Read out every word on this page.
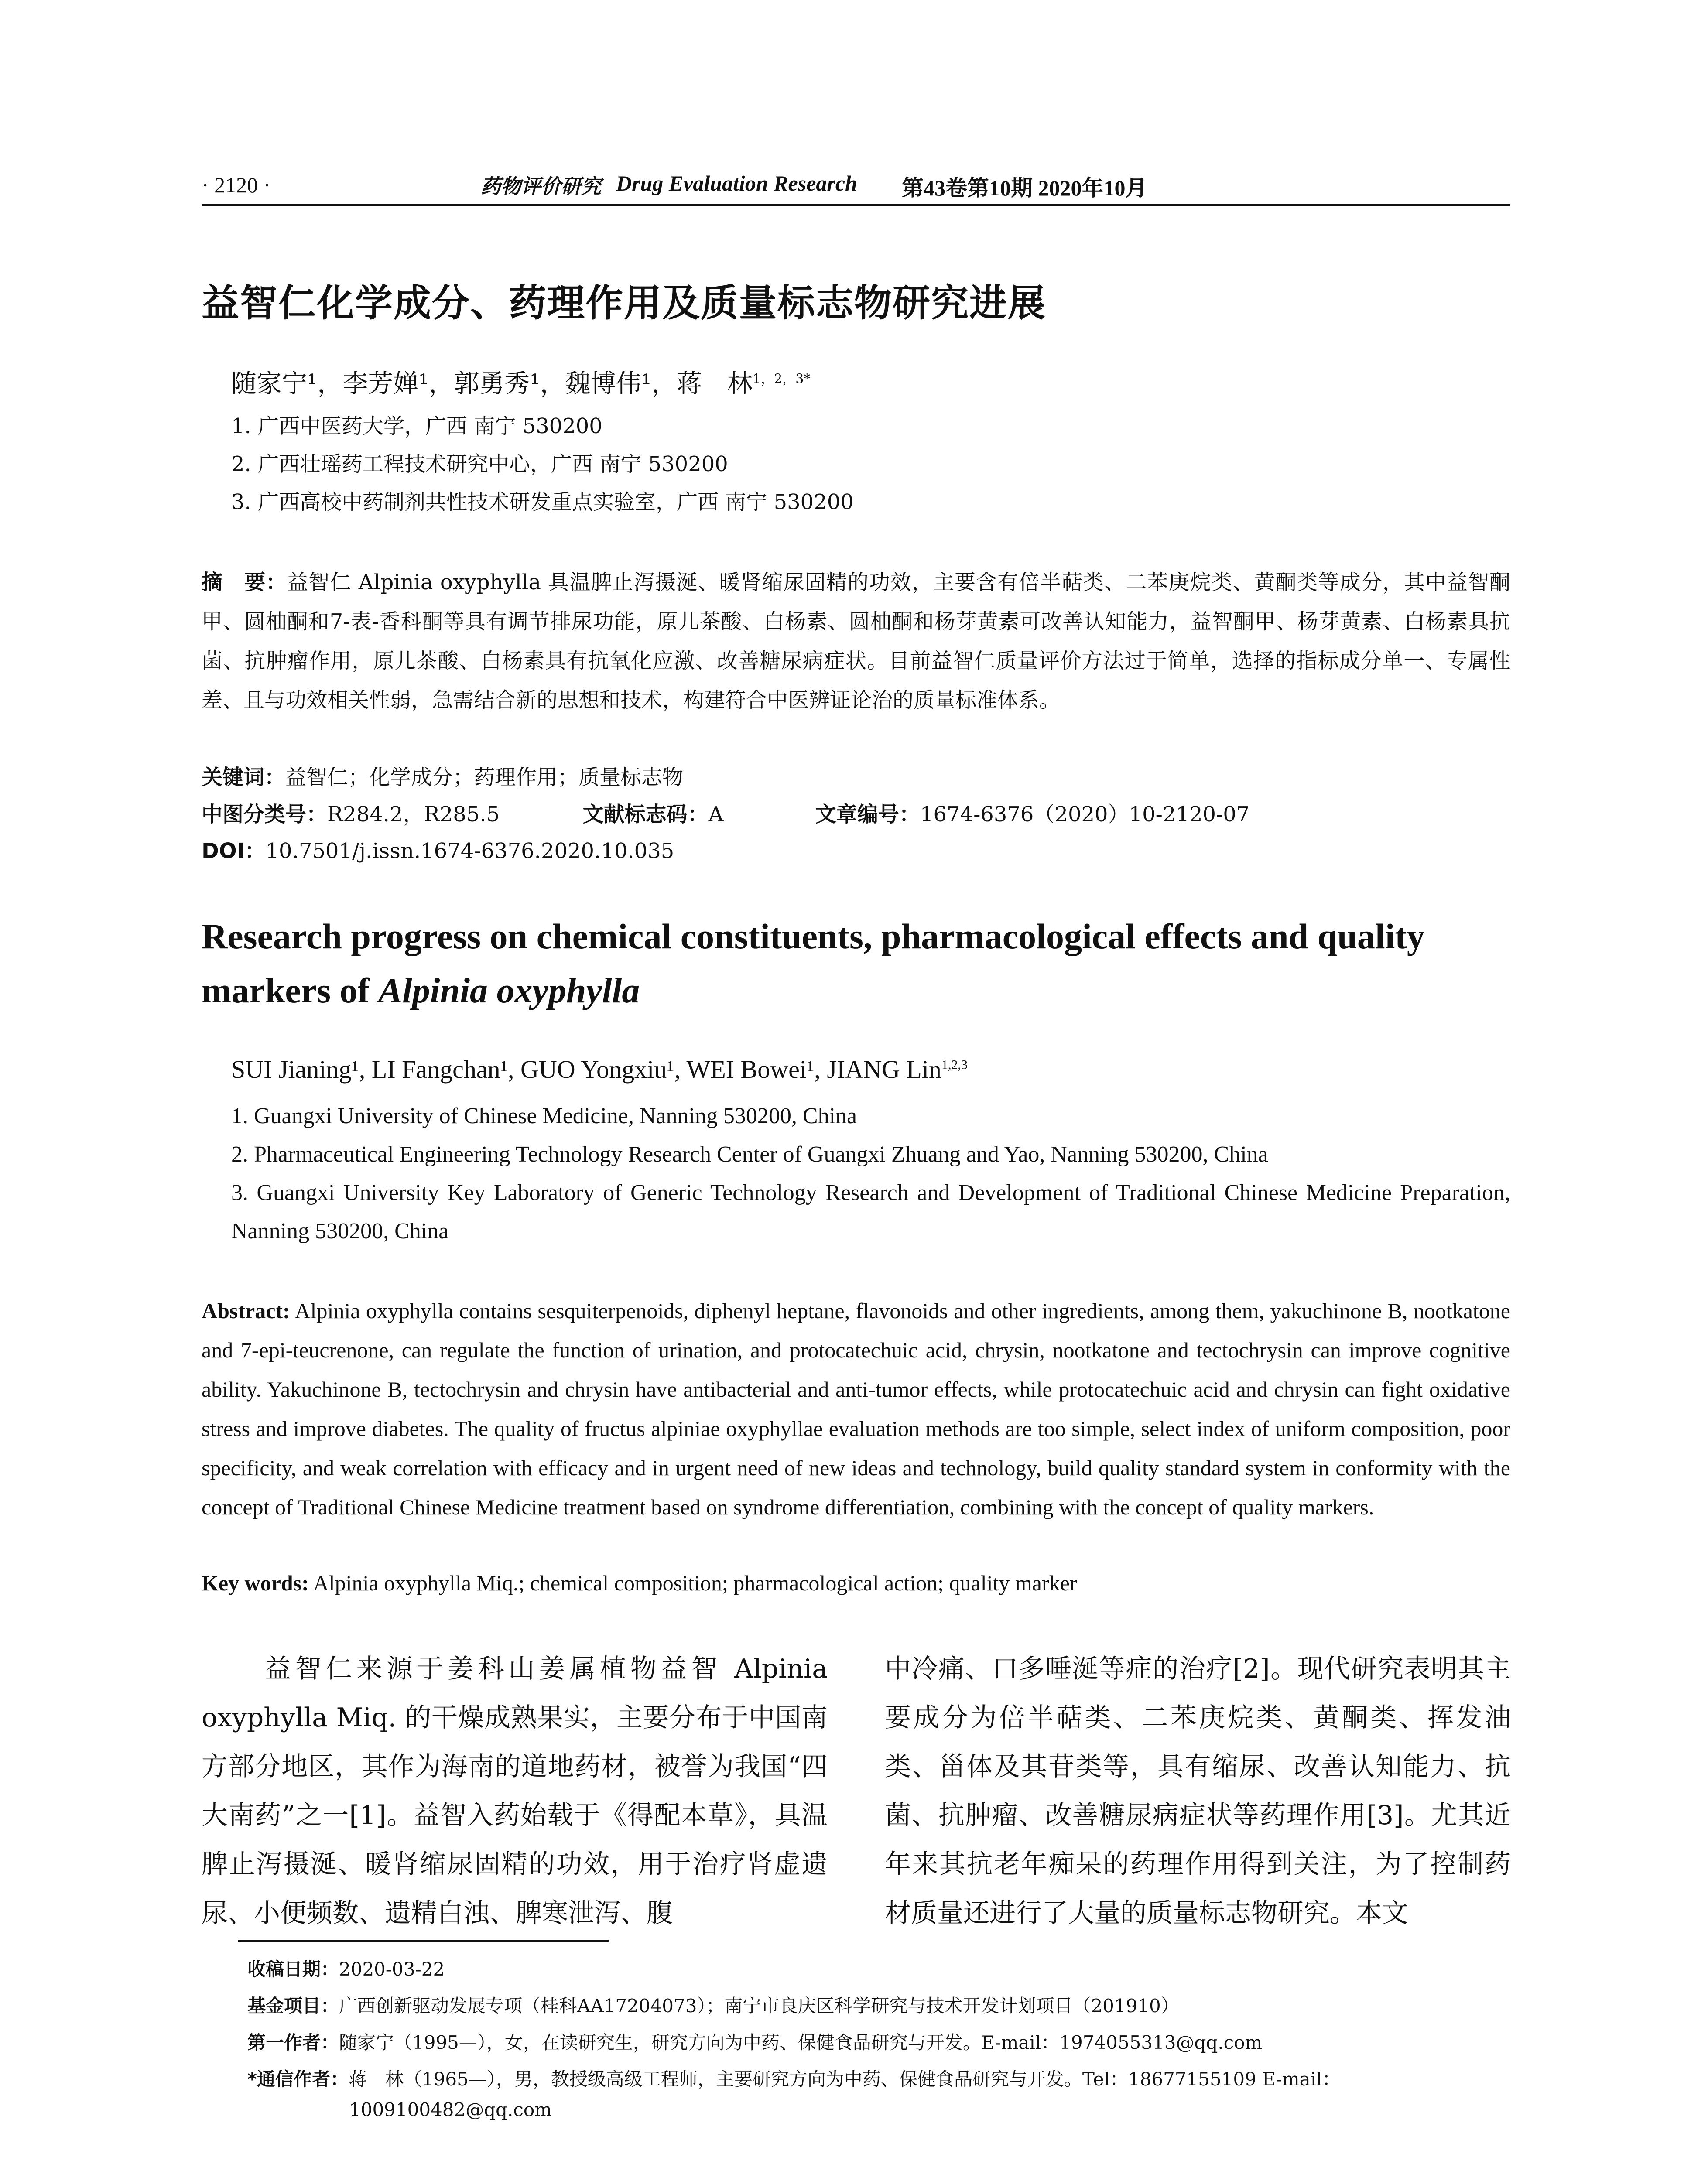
· 2120 ·	药物评价研究 Drug Evaluation Research 第43卷第10期 2020年10月
益智仁化学成分、药理作用及质量标志物研究进展
随家宁¹，李芳婵¹，郭勇秀¹，魏博伟¹，蒋　林$^{1,2,3*}$
1. 广西中医药大学，广西 南宁 530200
2. 广西壮瑶药工程技术研究中心，广西 南宁 530200
3. 广西高校中药制剂共性技术研发重点实验室，广西 南宁 530200
摘　要：益智仁 Alpinia oxyphylla 具温脾止泻摄涎、暖肾缩尿固精的功效，主要含有倍半萜类、二苯庚烷类、黄酮类等成分，其中益智酮甲、圆柚酮和7-表-香科酮等具有调节排尿功能，原儿茶酸、白杨素、圆柚酮和杨芽黄素可改善认知能力，益智酮甲、杨芽黄素、白杨素具抗菌、抗肿瘤作用，原儿茶酸、白杨素具有抗氧化应激、改善糖尿病症状。目前益智仁质量评价方法过于简单，选择的指标成分单一、专属性差、且与功效相关性弱，急需结合新的思想和技术，构建符合中医辨证论治的质量标准体系。
关键词：益智仁；化学成分；药理作用；质量标志物
中图分类号：R284.2，R285.5	文献标志码：A	文章编号：1674-6376（2020）10-2120-07
DOI：10.7501/j.issn.1674-6376.2020.10.035
Research progress on chemical constituents, pharmacological effects and quality
markers of Alpinia oxyphylla
SUI Jianing¹, LI Fangchan¹, GUO Yongxiu¹, WEI Bowei¹, JIANG Lin$^{1,2,3}$
1. Guangxi University of Chinese Medicine, Nanning 530200, China
2. Pharmaceutical Engineering Technology Research Center of Guangxi Zhuang and Yao, Nanning 530200, China
3. Guangxi University Key Laboratory of Generic Technology Research and Development of Traditional Chinese Medicine Preparation, Nanning 530200, China
Abstract: Alpinia oxyphylla contains sesquiterpenoids, diphenyl heptane, flavonoids and other ingredients, among them, yakuchinone B, nootkatone and 7-epi-teucrenone, can regulate the function of urination, and protocatechuic acid, chrysin, nootkatone and tectochrysin can improve cognitive ability. Yakuchinone B, tectochrysin and chrysin have antibacterial and anti-tumor effects, while protocatechuic acid and chrysin can fight oxidative stress and improve diabetes. The quality of fructus alpiniae oxyphyllae evaluation methods are too simple, select index of uniform composition, poor specificity, and weak correlation with efficacy and in urgent need of new ideas and technology, build quality standard system in conformity with the concept of Traditional Chinese Medicine treatment based on syndrome differentiation, combining with the concept of quality markers.
Key words: Alpinia oxyphylla Miq.; chemical composition; pharmacological action; quality marker
益智仁来源于姜科山姜属植物益智 Alpinia oxyphylla Miq. 的干燥成熟果实，主要分布于中国南方部分地区，其作为海南的道地药材，被誉为我国“四大南药”之一[1]。益智入药始载于《得配本草》，具温脾止泻摄涎、暖肾缩尿固精的功效，用于治疗肾虚遗尿、小便频数、遗精白浊、脾寒泄泻、腹
中冷痛、口多唾涎等症的治疗[2]。现代研究表明其主要成分为倍半萜类、二苯庚烷类、黄酮类、挥发油类、甾体及其苷类等，具有缩尿、改善认知能力、抗菌、抗肿瘤、改善糖尿病症状等药理作用[3]。尤其近年来其抗老年痴呆的药理作用得到关注，为了控制药材质量还进行了大量的质量标志物研究。本文
收稿日期：2020-03-22
基金项目：广西创新驱动发展专项（桂科AA17204073）；南宁市良庆区科学研究与技术开发计划项目（201910）
第一作者：随家宁（1995—），女，在读研究生，研究方向为中药、保健食品研究与开发。E-mail：1974055313@qq.com
*通信作者：蒋　林（1965—），男，教授级高级工程师，主要研究方向为中药、保健食品研究与开发。Tel：18677155109 E-mail：
1009100482@qq.com
